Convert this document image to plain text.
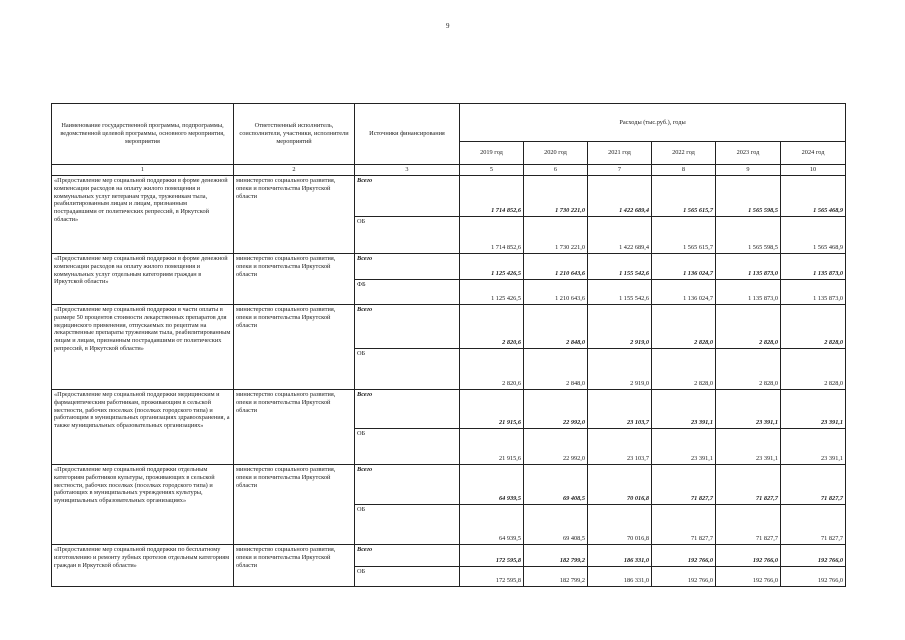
9
Наименование государственной программы, подпрограммы, ведомственной целевой программы, основного мероприятия, мероприятия	Ответственный исполнитель, соисполнители, участники, исполнители мероприятий	Источники финансирования	Расходы (тыс.руб.), годы					
			2019 год	2020 год	2021 год	2022 год	2023 год	2024 год
1	2	3	5	6	7	8	9	10
«Предоставление мер социальной поддержки в форме денежной компенсации расходов на оплату жилого помещения и коммунальных услуг ветеранам труда, труженикам тыла, реабилитированным лицам и лицам, признанным пострадавшими от политических репрессий, в Иркутской области»	министерство социального развития, опеки и попечительства Иркутской области	Всего	1 714 852,6	1 730 221,0	1 422 689,4	1 565 615,7	1 565 598,5	1 565 468,9
		ОБ	1 714 852,6	1 730 221,0	1 422 689,4	1 565 615,7	1 565 598,5	1 565 468,9
«Предоставление мер социальной поддержки в форме денежной компенсации расходов на оплату жилого помещения и коммунальных услуг отдельным категориям граждан в Иркутской области»	министерство социального развития, опеки и попечительства Иркутской области	Всего	1 125 426,5	1 210 643,6	1 155 542,6	1 136 024,7	1 135 873,0	1 135 873,0
		ФБ	1 125 426,5	1 210 643,6	1 155 542,6	1 136 024,7	1 135 873,0	1 135 873,0
«Предоставление мер социальной поддержки в части оплаты в размере 50 процентов стоимости лекарственных препаратов для медицинского применения, отпускаемых по рецептам на лекарственные препараты труженикам тыла, реабилитированным лицам и лицам, признанным пострадавшими от политических репрессий, в Иркутской области»	министерство социального развития, опеки и попечительства Иркутской области	Всего	2 820,6	2 848,0	2 919,0	2 828,0	2 828,0	2 828,0
		ОБ	2 820,6	2 848,0	2 919,0	2 828,0	2 828,0	2 828,0
«Предоставление мер социальной поддержки медицинским и фармацевтическим работникам, проживающим в сельской местности, рабочих поселках (поселках городского типа) и работающим в муниципальных организациях здравоохранения, а также муниципальных образовательных организациях»	министерство социального развития, опеки и попечительства Иркутской области	Всего	21 915,6	22 992,0	23 103,7	23 391,1	23 391,1	23 391,1
		ОБ	21 915,6	22 992,0	23 103,7	23 391,1	23 391,1	23 391,1
«Предоставление мер социальной поддержки отдельным категориям работников культуры, проживающих в сельской местности, рабочих поселках (поселках городского типа) и работающих в муниципальных учреждениях культуры, муниципальных образовательных организациях»	министерство социального развития, опеки и попечительства Иркутской области	Всего	64 939,5	69 408,5	70 016,8	71 827,7	71 827,7	71 827,7
		ОБ	64 939,5	69 408,5	70 016,8	71 827,7	71 827,7	71 827,7
«Предоставление мер социальной поддержки по бесплатному изготовлению и ремонту зубных протезов отдельным категориям граждан в Иркутской области»	министерство социального развития, опеки и попечительства Иркутской области	Всего	172 595,8	182 799,2	186 331,0	192 766,0	192 766,0	192 766,0
		ОБ	172 595,8	182 799,2	186 331,0	192 766,0	192 766,0	192 766,0
